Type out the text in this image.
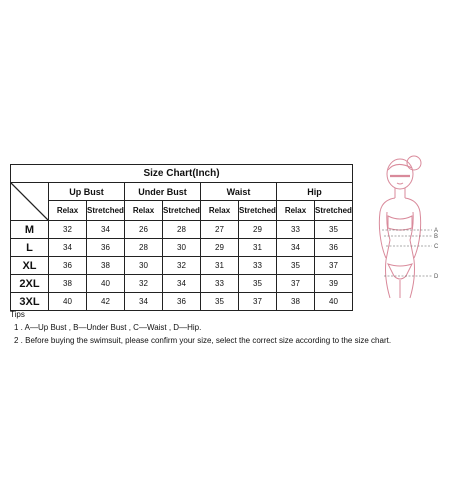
Size Chart(Inch)								

	Up Bust		Under Bust		Waist		Hip	
	Relax	Stretched	Relax	Stretched	Relax	Stretched	Relax	Stretched
M	32	34	26	28	27	29	33	35
L	34	36	28	30	29	31	34	36
XL	36	38	30	32	31	33	35	37
2XL	38	40	32	34	33	35	37	39
3XL	40	42	34	36	35	37	38	40
Tips
1 . A—Up Bust , B—Under Bust , C—Waist , D—Hip.
2 . Before buying the swimsuit, please confirm your size, select the correct size according to the size chart.
A
B
C
D
